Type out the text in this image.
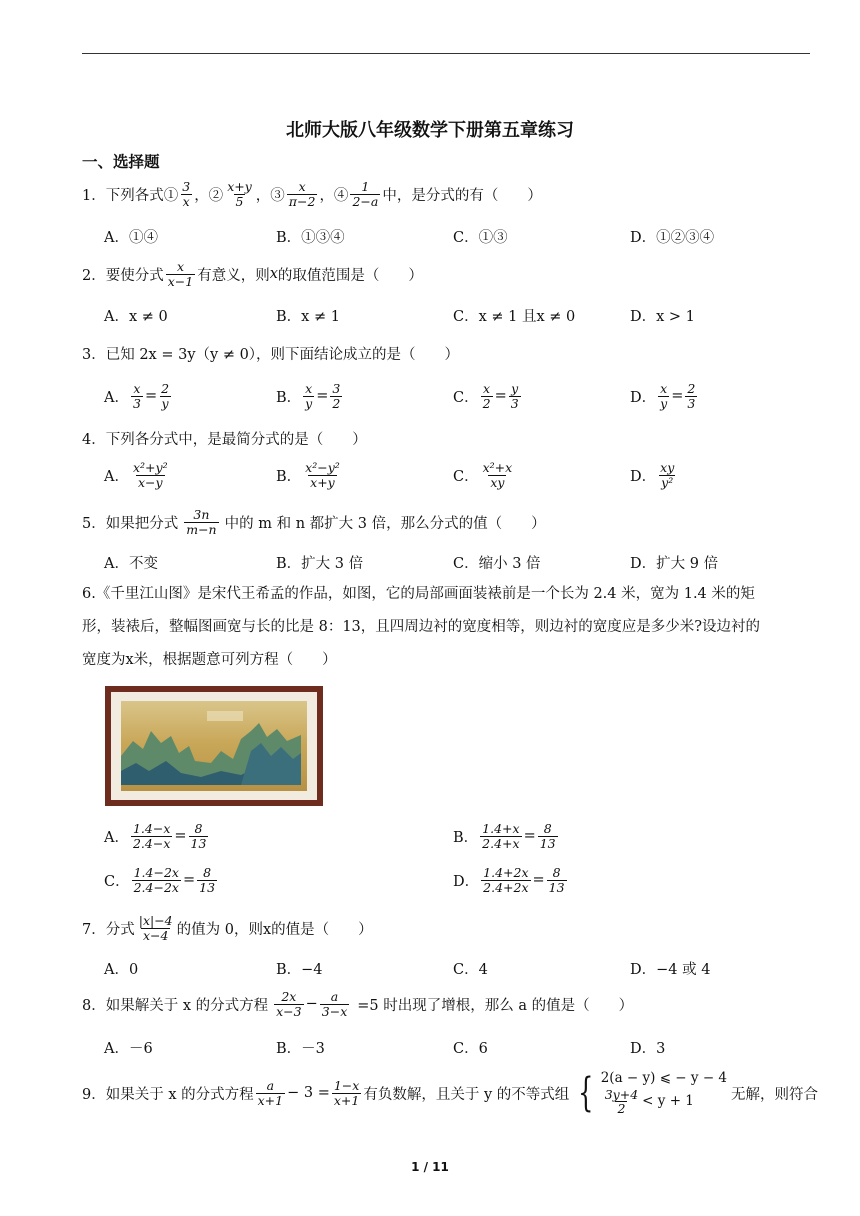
北师大版八年级数学下册第五章练习
一、选择题
1．下列各式① $\frac{3}{x}$ ，② $\frac{x+y}{5}$ ，③ $\frac{x}{\pi-2}$ ，④ $\frac{1}{2-a}$ 中，是分式的有（　　）
A．①④	B．①③④	C．①③	D．①②③④
2．要使分式 $\frac{x}{x-1}$ 有意义，则 x 的取值范围是（　　）
A．x ≠ 0	B．x ≠ 1	C．x ≠ 1 且x ≠ 0	D．x > 1
3．已知 2x = 3y（y ≠ 0），则下面结论成立的是（　　）
A． $\frac{x}{3} = \frac{2}{y}$	B． $\frac{x}{y} = \frac{3}{2}$	C． $\frac{x}{2} = \frac{y}{3}$	D． $\frac{x}{y} = \frac{2}{3}$
4．下列各分式中，是最简分式的是（　　）
A． $\frac{\text{x²+y²}}{x-y}$	B． $\frac{\text{x²−y²}}{x+y}$	C． $\frac{\text{x²+x}}{xy}$	D． $\frac{xy}{\text{y²}}$
5．如果把分式 $\frac{3n}{m-n}$ 中的 m 和 n 都扩大 3 倍，那么分式的值（　　）
A．不变	B．扩大 3 倍	C．缩小 3 倍	D．扩大 9 倍
6.《千里江山图》是宋代王希孟的作品，如图，它的局部画面装裱前是一个长为 2.4 米，宽为 1.4 米的矩
形，装裱后，整幅图画宽与长的比是 8：13，且四周边衬的宽度相等，则边衬的宽度应是多少米?设边衬的
宽度为x米，根据题意可列方程（　　）
A． $\frac{1.4-x}{2.4-x} = \frac{8}{13}$	B． $\frac{1.4+x}{2.4+x} = \frac{8}{13}$
C． $\frac{1.4-2x}{2.4-2x} = \frac{8}{13}$	D． $\frac{1.4+2x}{2.4+2x} = \frac{8}{13}$
7．分式 $\frac{|x|-4}{x-4}$ 的值为 0，则x的值是（　　）
A．0	B．−4	C．4	D．−4 或 4
8．如果解关于 x 的分式方程 $\frac{2x}{x-3} - \frac{a}{3-x} =5$ 时出现了增根，那么 a 的值是（　　）
A．－6	B．－3	C．6	D．3
9．如果关于 x 的分式方程 $\frac{a}{x+1} - 3 = \frac{1-x}{x+1}$ 有负数解，且关于 y 的不等式组 { 2(a − y) ⩽ − y − 4
$\frac{3y+4}{2} < y + 1$	无解，则符合
1 / 11
